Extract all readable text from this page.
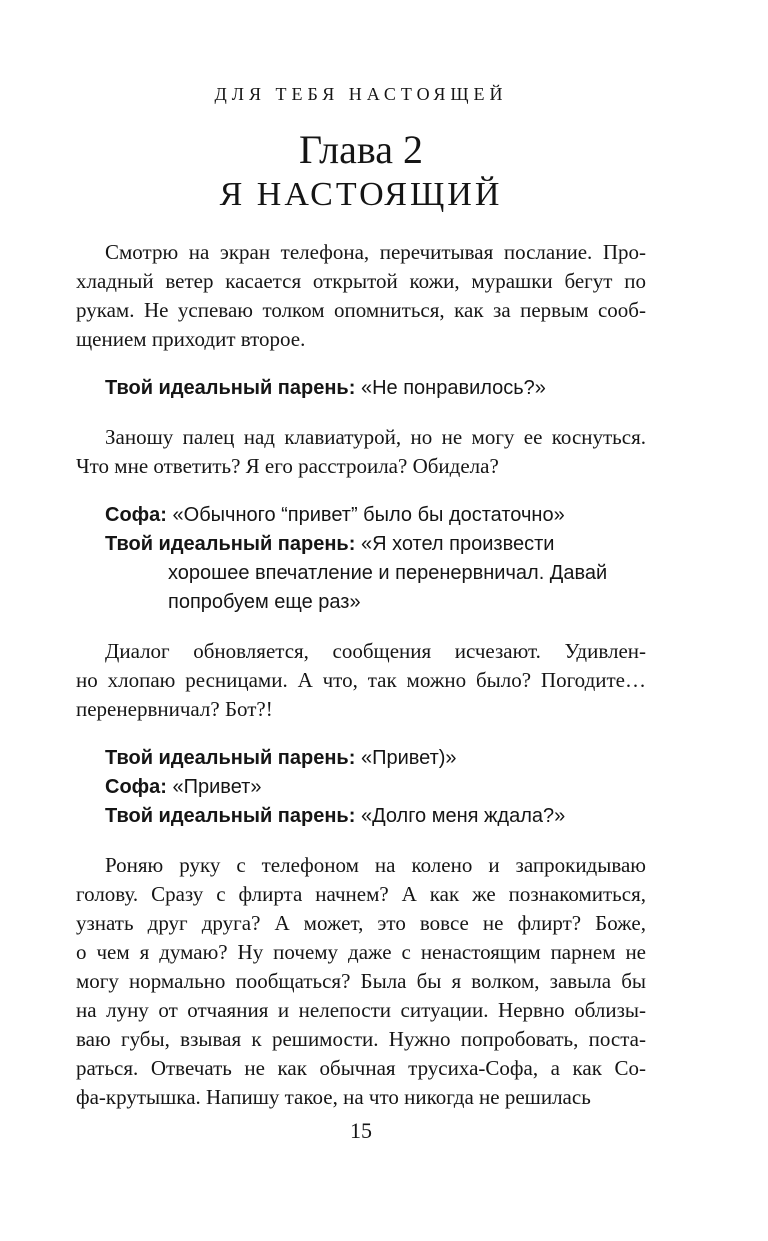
ДЛЯ ТЕБЯ НАСТОЯЩЕЙ
Глава 2
Я НАСТОЯЩИЙ
Смотрю на экран телефона, перечитывая послание. Про-
хладный ветер касается открытой кожи, мурашки бегут по
рукам. Не успеваю толком опомниться, как за первым сооб-
щением приходит второе.
Твой идеальный парень: «Не понравилось?»
Заношу палец над клавиатурой, но не могу ее коснуться.
Что мне ответить? Я его расстроила? Обидела?
Софа: «Обычного “привет” было бы достаточно»
Твой идеальный парень: «Я хотел произвести
хорошее впечатление и перенервничал. Давай
попробуем еще раз»
Диалог обновляется, сообщения исчезают. Удивлен-
но хлопаю ресницами. А что, так можно было? Погодите…
перенервничал? Бот?!
Твой идеальный парень: «Привет)»
Софа: «Привет»
Твой идеальный парень: «Долго меня ждала?»
Роняю руку с телефоном на колено и запрокидываю
голову. Сразу с флирта начнем? А как же познакомиться,
узнать друг друга? А может, это вовсе не флирт? Боже,
о чем я думаю? Ну почему даже с ненастоящим парнем не
могу нормально пообщаться? Была бы я волком, завыла бы
на луну от отчаяния и нелепости ситуации. Нервно облизы-
ваю губы, взывая к решимости. Нужно попробовать, поста-
раться. Отвечать не как обычная трусиха-Софа, а как Со-
фа-крутышка. Напишу такое, на что никогда не решилась
15
